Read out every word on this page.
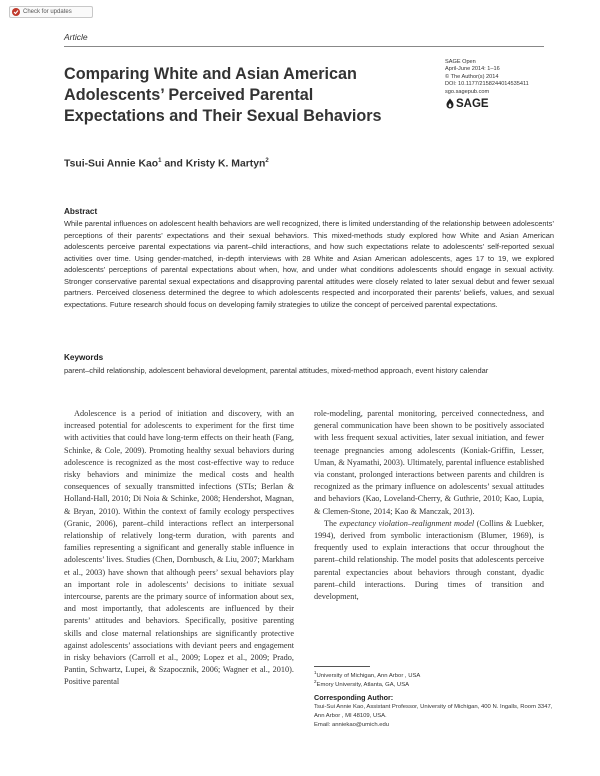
Check for updates
Article
Comparing White and Asian American
Adolescents’ Perceived Parental
Expectations and Their Sexual Behaviors
SAGE Open
April-June 2014: 1–16
© The Author(s) 2014
DOI: 10.1177/2158244014535411
sgo.sagepub.com
SAGE
Tsui-Sui Annie Kao$^1$ and Kristy K. Martyn$^2$
Abstract

While parental influences on adolescent health behaviors are well recognized, there is limited understanding of the relationship between adolescents’ perceptions of their parents’ expectations and their sexual behaviors. This mixed-methods study explored how White and Asian American adolescents perceive parental expectations via parent–child interactions, and how such expectations relate to adolescents’ self-reported sexual activities over time. Using gender-matched, in-depth interviews with 28 White and Asian American adolescents, ages 17 to 19, we explored adolescents’ perceptions of parental expectations about when, how, and under what conditions adolescents should engage in sexual activity. Stronger conservative parental sexual expectations and disapproving parental attitudes were closely related to later sexual debut and fewer sexual partners. Perceived closeness determined the degree to which adolescents respected and incorporated their parents’ beliefs, values, and sexual expectations. Future research should focus on developing family strategies to utilize the concept of perceived parental expectations.

Keywords

parent–child relationship, adolescent behavioral development, parental attitudes, mixed-method approach, event history calendar

Adolescence is a period of initiation and discovery, with an increased potential for adolescents to experiment for the first time with activities that could have long-term effects on their heath (Fang, Schinke, & Cole, 2009). Promoting healthy sexual behaviors during adolescence is recognized as the most cost-effective way to reduce risky behaviors and minimize the medical costs and health consequences of sexually transmitted infections (STIs; Berlan & Holland-Hall, 2010; Di Noia & Schinke, 2008; Hendershot, Magnan, & Bryan, 2010). Within the context of family ecology perspectives (Granic, 2006), parent–child interactions reflect an interpersonal relationship of relatively long-term duration, with parents and families representing a significant and generally stable influence in adolescents’ lives. Studies (Chen, Dornbusch, & Liu, 2007; Markham et al., 2003) have shown that although peers’ sexual behaviors play an important role in adolescents’ decisions to initiate sexual intercourse, parents are the primary source of information about sex, and most importantly, that adolescents are influenced by their parents’ attitudes and behaviors. Specifically, positive parenting skills and close maternal relationships are significantly protective against adolescents’ associations with deviant peers and engagement in risky behaviors (Carroll et al., 2009; Lopez et al., 2009; Prado, Pantin, Schwartz, Lupei, & Szapocznik, 2006; Wagner et al., 2010). Positive parental

role-modeling, parental monitoring, perceived connectedness, and general communication have been shown to be positively associated with less frequent sexual activities, later sexual initiation, and fewer teenage pregnancies among adolescents (Koniak-Griffin, Lesser, Uman, & Nyamathi, 2003). Ultimately, parental influence established via constant, prolonged interactions between parents and children is recognized as the primary influence on adolescents’ sexual attitudes and behaviors (Kao, Loveland-Cherry, & Guthrie, 2010; Kao, Lupia, & Clemen-Stone, 2014; Kao & Manczak, 2013).

The expectancy violation–realignment model (Collins & Luebker, 1994), derived from symbolic interactionism (Blumer, 1969), is frequently used to explain interactions that occur throughout the parent–child relationship. The model posits that adolescents perceive parental expectancies about behaviors through constant, dyadic parent–child interactions. During times of transition and development,

$^1$University of Michigan, Ann Arbor , USA
$^2$Emory University, Atlanta, GA, USA
Corresponding Author:
Tsui-Sui Annie Kao, Assistant Professor, University of Michigan, 400 N. Ingalls, Room 3347, Ann Arbor , MI 48109, USA.
Email: anniekao@umich.edu
